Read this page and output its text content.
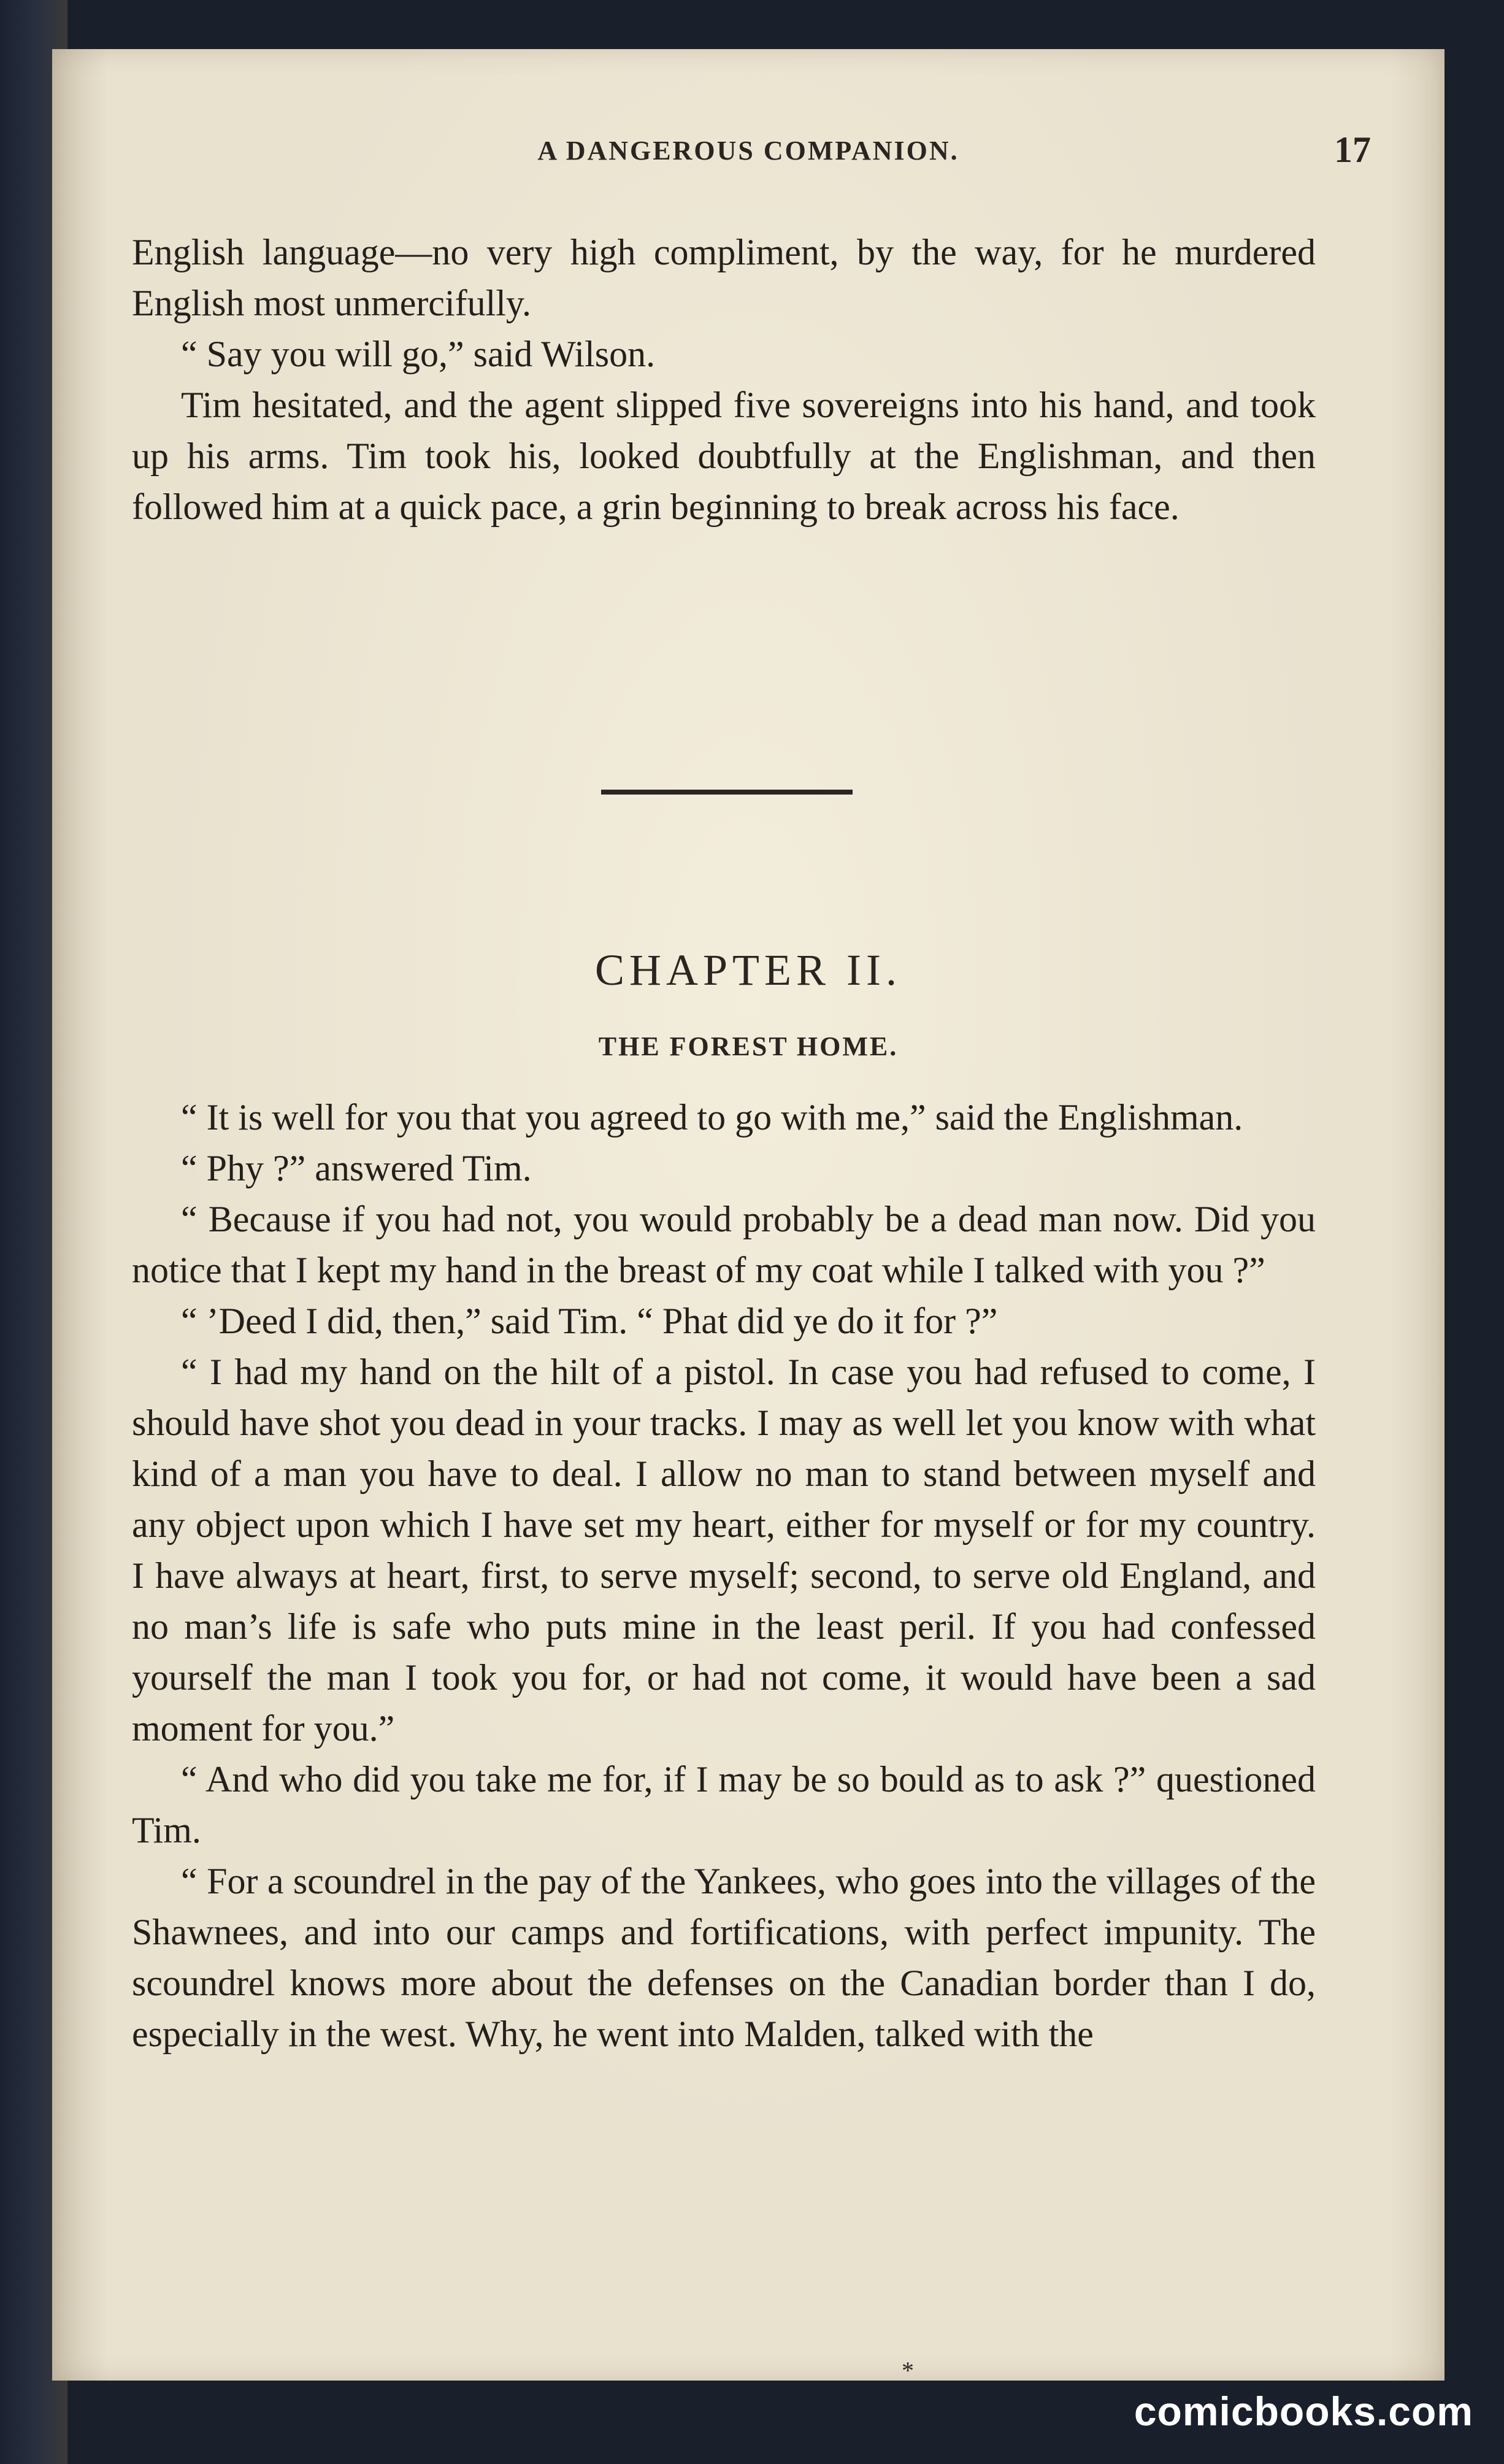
A DANGEROUS COMPANION.	17

English language—no very high compliment, by the way, for he murdered English most unmercifully.

“ Say you will go,” said Wilson.

Tim hesitated, and the agent slipped five sovereigns into his hand, and took up his arms. Tim took his, looked doubtfully at the Englishman, and then followed him at a quick pace, a grin beginning to break across his face.

CHAPTER II.
THE FOREST HOME.

“ It is well for you that you agreed to go with me,” said the Englishman.

“ Phy ?” answered Tim.

“ Because if you had not, you would probably be a dead man now. Did you notice that I kept my hand in the breast of my coat while I talked with you ?”

“ ’Deed I did, then,” said Tim. “ Phat did ye do it for ?”

“ I had my hand on the hilt of a pistol. In case you had refused to come, I should have shot you dead in your tracks. I may as well let you know with what kind of a man you have to deal. I allow no man to stand between myself and any object upon which I have set my heart, either for myself or for my country. I have always at heart, first, to serve myself; second, to serve old England, and no man’s life is safe who puts mine in the least peril. If you had confessed yourself the man I took you for, or had not come, it would have been a sad moment for you.”

“ And who did you take me for, if I may be so bould as to ask ?” questioned Tim.

“ For a scoundrel in the pay of the Yankees, who goes into the villages of the Shawnees, and into our camps and fortifications, with perfect impunity. The scoundrel knows more about the defenses on the Canadian border than I do, especially in the west. Why, he went into Malden, talked with the

*
comicbooks.com
